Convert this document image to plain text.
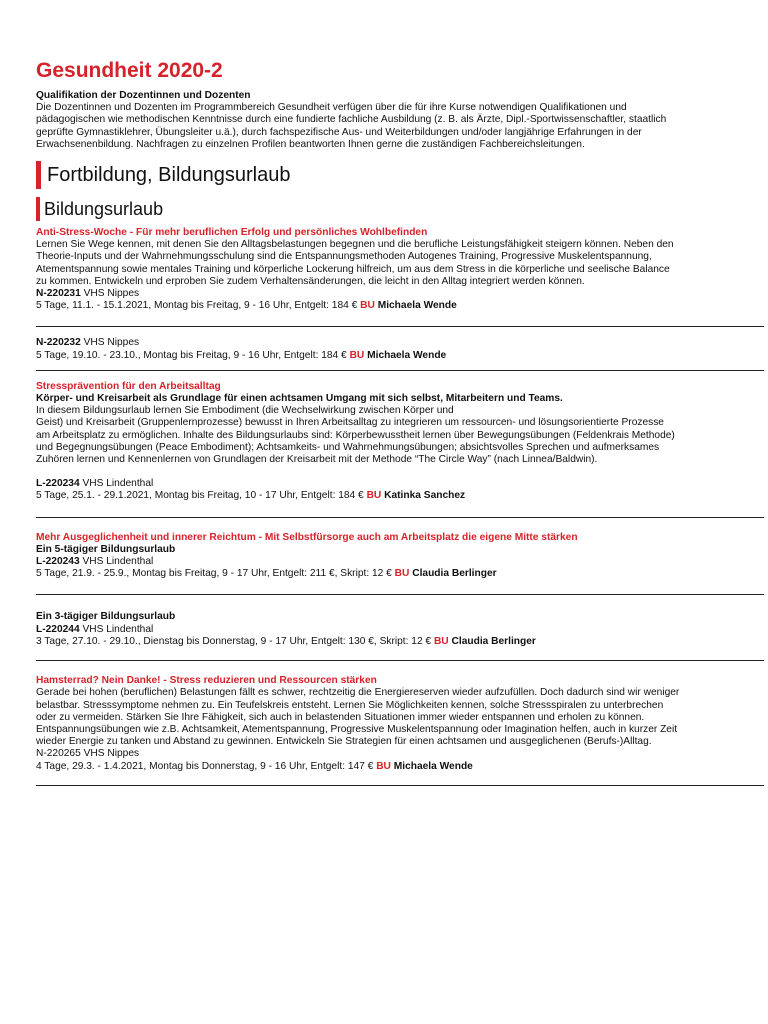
Gesundheit 2020-2
Qualifikation der Dozentinnen und Dozenten
Die Dozentinnen und Dozenten im Programmbereich Gesundheit verfügen über die für ihre Kurse notwendigen Qualifikationen und
pädagogischen wie methodischen Kenntnisse durch eine fundierte fachliche Ausbildung (z. B. als Ärzte, Dipl.-Sportwissenschaftler, staatlich
geprüfte Gymnastiklehrer, Übungsleiter u.ä.), durch fachspezifische Aus- und Weiterbildungen und/oder langjährige Erfahrungen in der
Erwachsenenbildung. Nachfragen zu einzelnen Profilen beantworten Ihnen gerne die zuständigen Fachbereichsleitungen.
Fortbildung, Bildungsurlaub
Bildungsurlaub
Anti-Stress-Woche - Für mehr beruflichen Erfolg und persönliches Wohlbefinden
Lernen Sie Wege kennen, mit denen Sie den Alltagsbelastungen begegnen und die berufliche Leistungsfähigkeit steigern können. Neben den
Theorie-Inputs und der Wahrnehmungsschulung sind die Entspannungsmethoden Autogenes Training, Progressive Muskelentspannung,
Atementspannung sowie mentales Training und körperliche Lockerung hilfreich, um aus dem Stress in die körperliche und seelische Balance
zu kommen. Entwickeln und erproben Sie zudem Verhaltensänderungen, die leicht in den Alltag integriert werden können.
N-220231 VHS Nippes
5 Tage, 11.1. - 15.1.2021, Montag bis Freitag, 9 - 16 Uhr, Entgelt: 184 € BU Michaela Wende
N-220232 VHS Nippes
5 Tage, 19.10. - 23.10., Montag bis Freitag, 9 - 16 Uhr, Entgelt: 184 € BU Michaela Wende
Stressprävention für den Arbeitsalltag
Körper- und Kreisarbeit als Grundlage für einen achtsamen Umgang mit sich selbst, Mitarbeitern und Teams.
In diesem Bildungsurlaub lernen Sie Embodiment (die Wechselwirkung zwischen Körper und
Geist) und Kreisarbeit (Gruppenlernprozesse) bewusst in Ihren Arbeitsalltag zu integrieren um ressourcen- und lösungsorientierte Prozesse
am Arbeitsplatz zu ermöglichen. Inhalte des Bildungsurlaubs sind: Körperbewusstheit lernen über Bewegungsübungen (Feldenkrais Methode)
und Begegnungsübungen (Peace Embodiment); Achtsamkeits- und Wahrnehmungsübungen; absichtsvolles Sprechen und aufmerksames
Zuhören lernen und Kennenlernen von Grundlagen der Kreisarbeit mit der Methode “The Circle Way” (nach Linnea/Baldwin).
L-220234 VHS Lindenthal
5 Tage, 25.1. - 29.1.2021, Montag bis Freitag, 10 - 17 Uhr, Entgelt: 184 € BU Katinka Sanchez
Mehr Ausgeglichenheit und innerer Reichtum - Mit Selbstfürsorge auch am Arbeitsplatz die eigene Mitte stärken
Ein 5-tägiger Bildungsurlaub
L-220243 VHS Lindenthal
5 Tage, 21.9. - 25.9., Montag bis Freitag, 9 - 17 Uhr, Entgelt: 211 €, Skript: 12 € BU Claudia Berlinger
Ein 3-tägiger Bildungsurlaub
L-220244 VHS Lindenthal
3 Tage, 27.10. - 29.10., Dienstag bis Donnerstag, 9 - 17 Uhr, Entgelt: 130 €, Skript: 12 € BU Claudia Berlinger
Hamsterrad? Nein Danke! - Stress reduzieren und Ressourcen stärken
Gerade bei hohen (beruflichen) Belastungen fällt es schwer, rechtzeitig die Energiereserven wieder aufzufüllen. Doch dadurch sind wir weniger
belastbar. Stresssymptome nehmen zu. Ein Teufelskreis entsteht. Lernen Sie Möglichkeiten kennen, solche Stressspiralen zu unterbrechen
oder zu vermeiden. Stärken Sie Ihre Fähigkeit, sich auch in belastenden Situationen immer wieder entspannen und erholen zu können.
Entspannungsübungen wie z.B. Achtsamkeit, Atementspannung, Progressive Muskelentspannung oder Imagination helfen, auch in kurzer Zeit
wieder Energie zu tanken und Abstand zu gewinnen. Entwickeln Sie Strategien für einen achtsamen und ausgeglichenen (Berufs-)Alltag.
N-220265 VHS Nippes
4 Tage, 29.3. - 1.4.2021, Montag bis Donnerstag, 9 - 16 Uhr, Entgelt: 147 € BU Michaela Wende
